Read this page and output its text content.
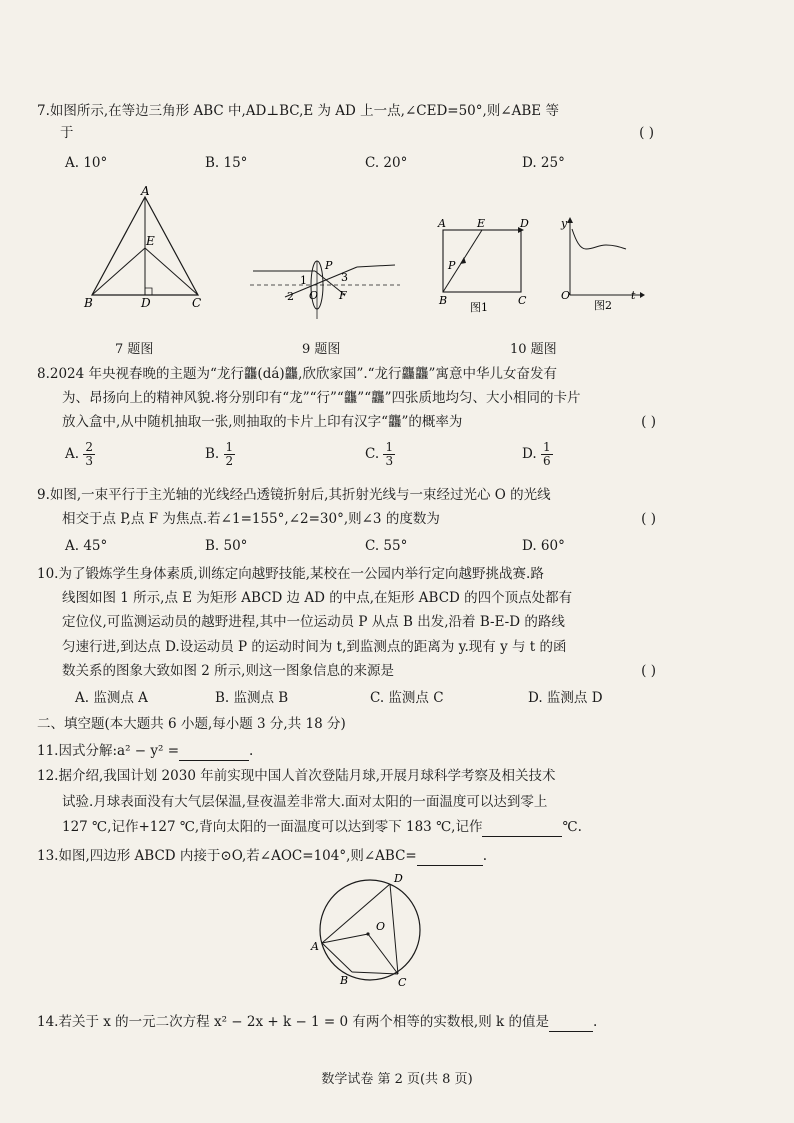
7.如图所示,在等边三角形 ABC 中,AD⊥BC,E 为 AD 上一点,∠CED=50°,则∠ABE 等
于	( )
A. 10°	B. 15°	C. 20°	D. 25°
A
E
B	D	C
7 题图
1
P
3
2 O F
9 题图
A	E	D
P
B	C
y
O	t
图1	图2
10 题图
8.2024 年央视春晚的主题为“龙行龘(dá)龘,欣欣家国”.“龙行龘龘”寓意中华儿女奋发有
为、昂扬向上的精神风貌.将分别印有“龙”“行”“龘”“龘”四张质地均匀、大小相同的卡片
放入盒中,从中随机抽取一张,则抽取的卡片上印有汉字“龘”的概率为	( )
A. $\frac{2}{3}$	B. $\frac{1}{2}$	C. $\frac{1}{3}$	D. $\frac{1}{6}$
9.如图,一束平行于主光轴的光线经凸透镜折射后,其折射光线与一束经过光心 O 的光线
相交于点 P,点 F 为焦点.若∠1=155°,∠2=30°,则∠3 的度数为	( )
A. 45°	B. 50°	C. 55°	D. 60°
10.为了锻炼学生身体素质,训练定向越野技能,某校在一公园内举行定向越野挑战赛.路
线图如图 1 所示,点 E 为矩形 ABCD 边 AD 的中点,在矩形 ABCD 的四个顶点处都有
定位仪,可监测运动员的越野进程,其中一位运动员 P 从点 B 出发,沿着 B-E-D 的路线
匀速行进,到达点 D.设运动员 P 的运动时间为 t,到监测点的距离为 y.现有 y 与 t 的函
数关系的图象大致如图 2 所示,则这一图象信息的来源是	( )
A. 监测点 A	B. 监测点 B	C. 监测点 C	D. 监测点 D
二、填空题(本大题共 6 小题,每小题 3 分,共 18 分)
11.因式分解:a² − y² =	.
12.据介绍,我国计划 2030 年前实现中国人首次登陆月球,开展月球科学考察及相关技术
试验.月球表面没有大气层保温,昼夜温差非常大.面对太阳的一面温度可以达到零上
127 ℃,记作+127 ℃,背向太阳的一面温度可以达到零下 183 ℃,记作	℃.
13.如图,四边形 ABCD 内接于⊙O,若∠AOC=104°,则∠ABC=	.
D
O
A
B	C
14.若关于 x 的一元二次方程 x² − 2x + k − 1 = 0 有两个相等的实数根,则 k 的值是	.
数学试卷 第 2 页(共 8 页)
